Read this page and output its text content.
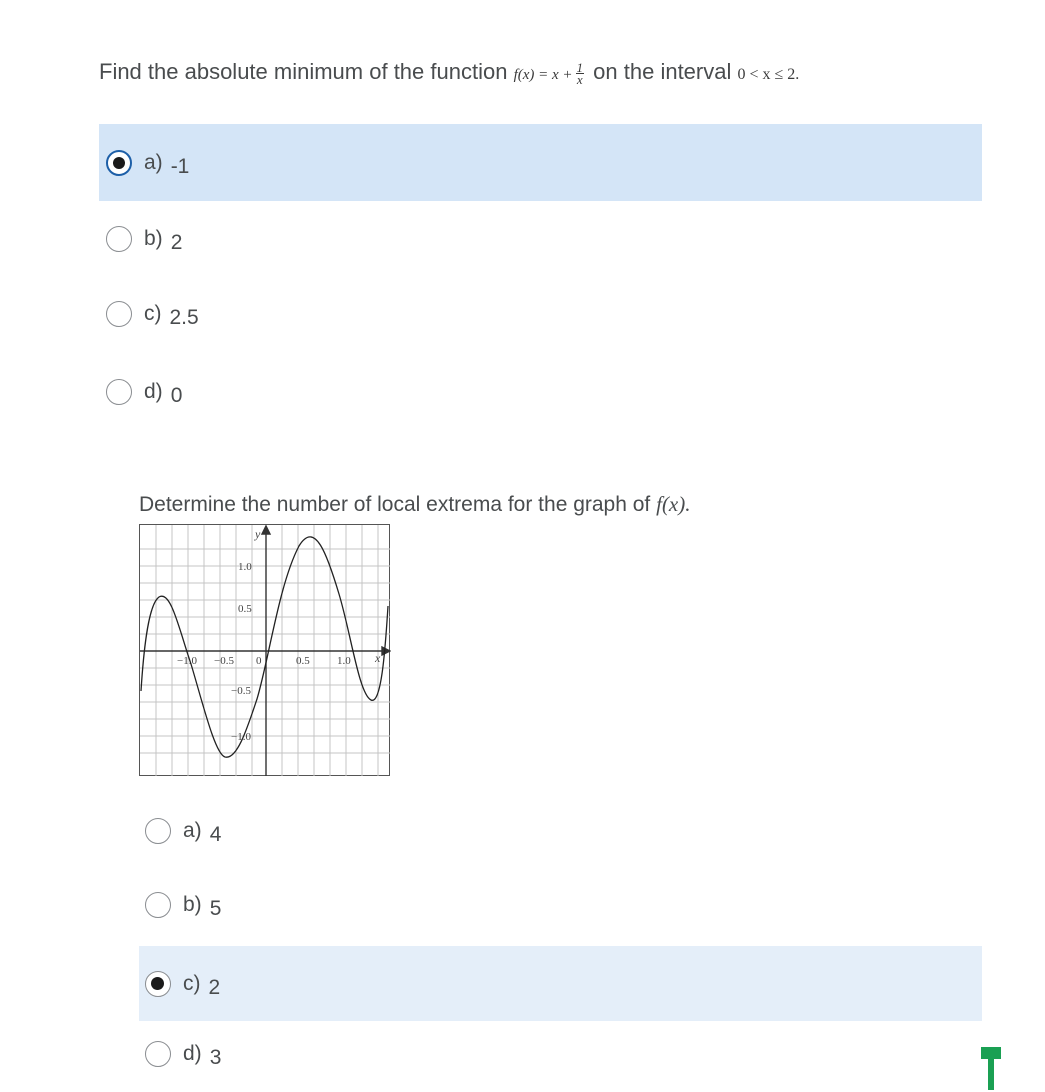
Find the absolute minimum of the function $f(x) = x + \frac{1}{x}$ on the interval 0 < x ≤ 2.
a) -1
b) 2
c) 2.5
d) 0
Determine the number of local extrema for the graph of f(x).
y
x
1.0
0.5
−0.5
−1.0
−1.0 −0.5 0	0.5 1.0
a) 4
b) 5
c) 2
d) 3
